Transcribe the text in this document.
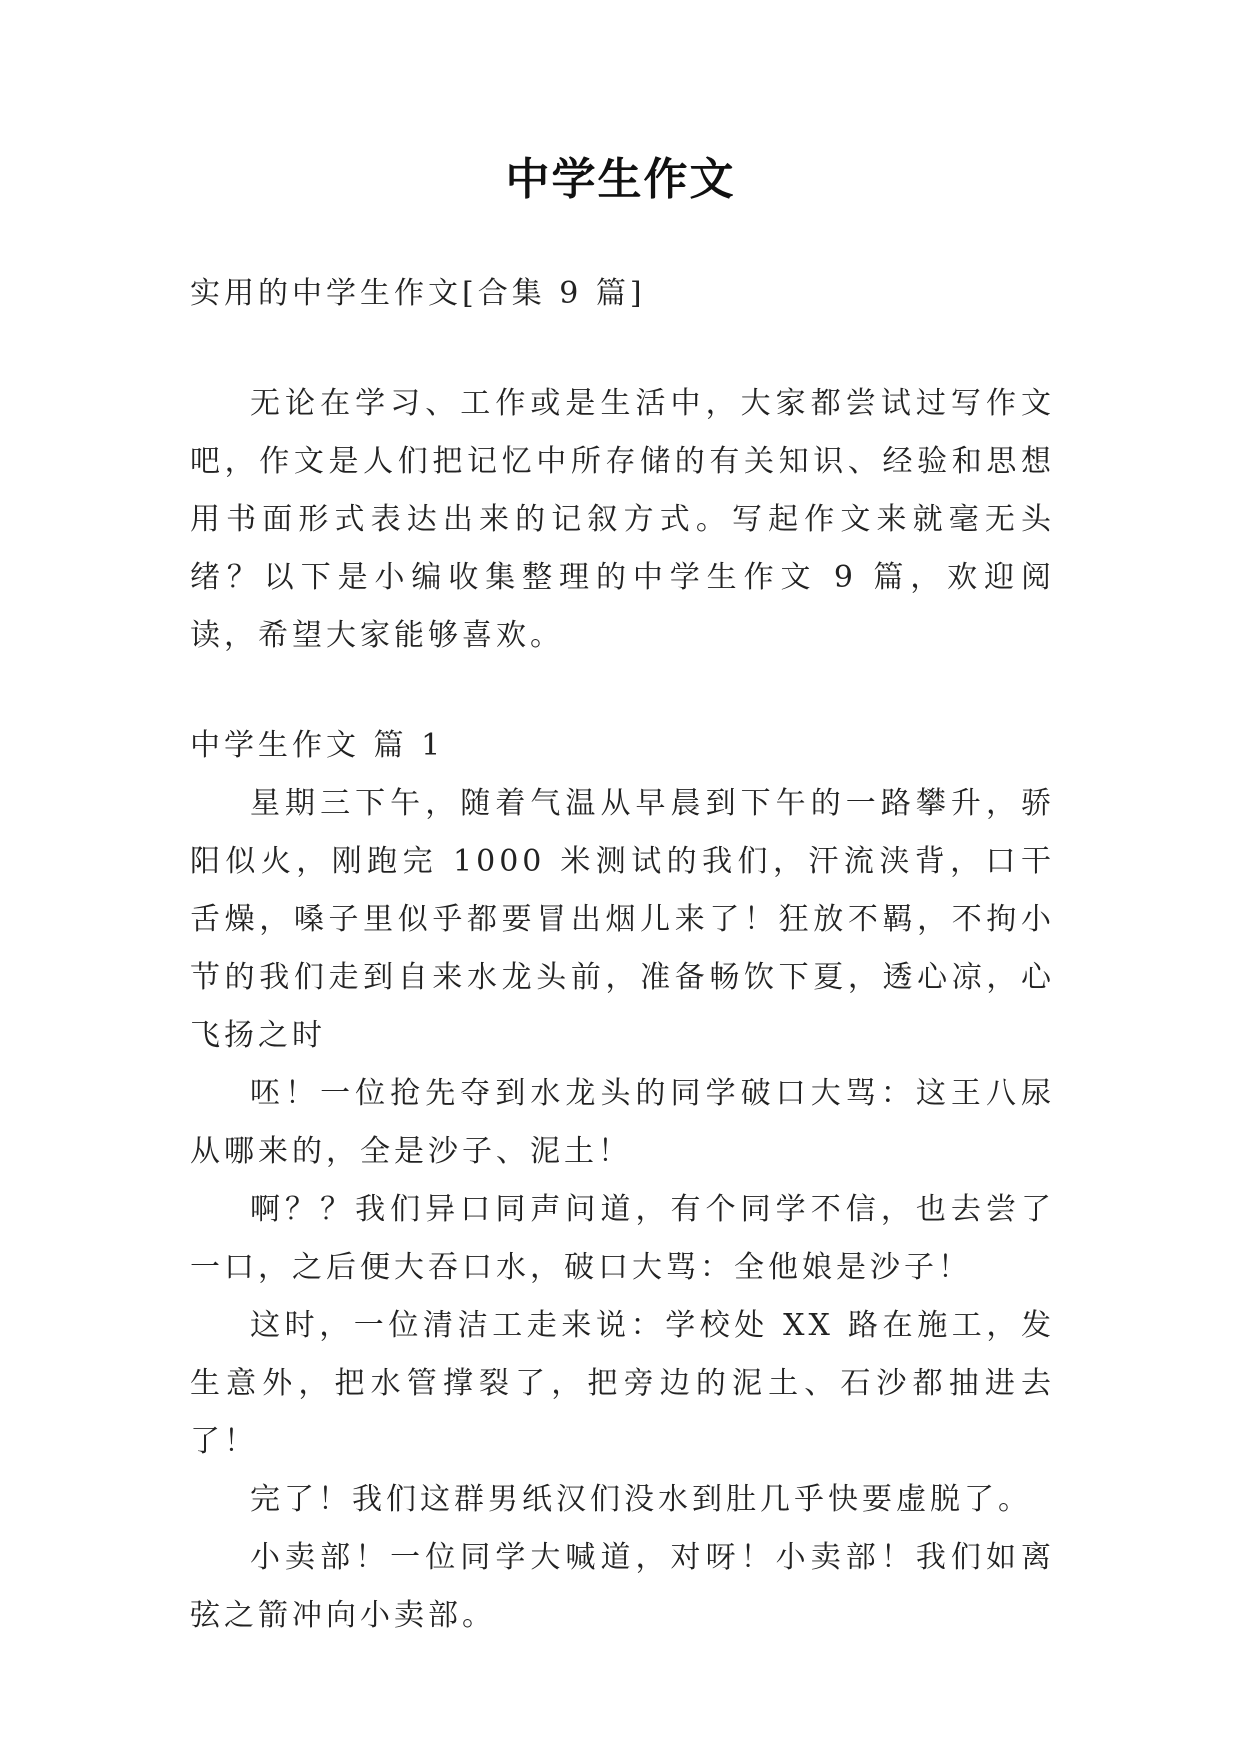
中学生作文

实用的中学生作文[合集 9 篇]

无论在学习、工作或是生活中，大家都尝试过写作文吧，作文是人们把记忆中所存储的有关知识、经验和思想用书面形式表达出来的记叙方式。写起作文来就毫无头绪？以下是小编收集整理的中学生作文 9 篇，欢迎阅读，希望大家能够喜欢。

中学生作文 篇 1

星期三下午，随着气温从早晨到下午的一路攀升，骄阳似火，刚跑完 1000 米测试的我们，汗流浃背，口干舌燥，嗓子里似乎都要冒出烟儿来了！狂放不羁，不拘小节的我们走到自来水龙头前，准备畅饮下夏，透心凉，心飞扬之时

呸！一位抢先夺到水龙头的同学破口大骂：这王八尿从哪来的，全是沙子、泥土！

啊？？我们异口同声问道，有个同学不信，也去尝了一口，之后便大吞口水，破口大骂：全他娘是沙子！

这时，一位清洁工走来说：学校处 XX 路在施工，发生意外，把水管撑裂了，把旁边的泥土、石沙都抽进去了！

完了！我们这群男纸汉们没水到肚几乎快要虚脱了。

小卖部！一位同学大喊道，对呀！小卖部！我们如离弦之箭冲向小卖部。
